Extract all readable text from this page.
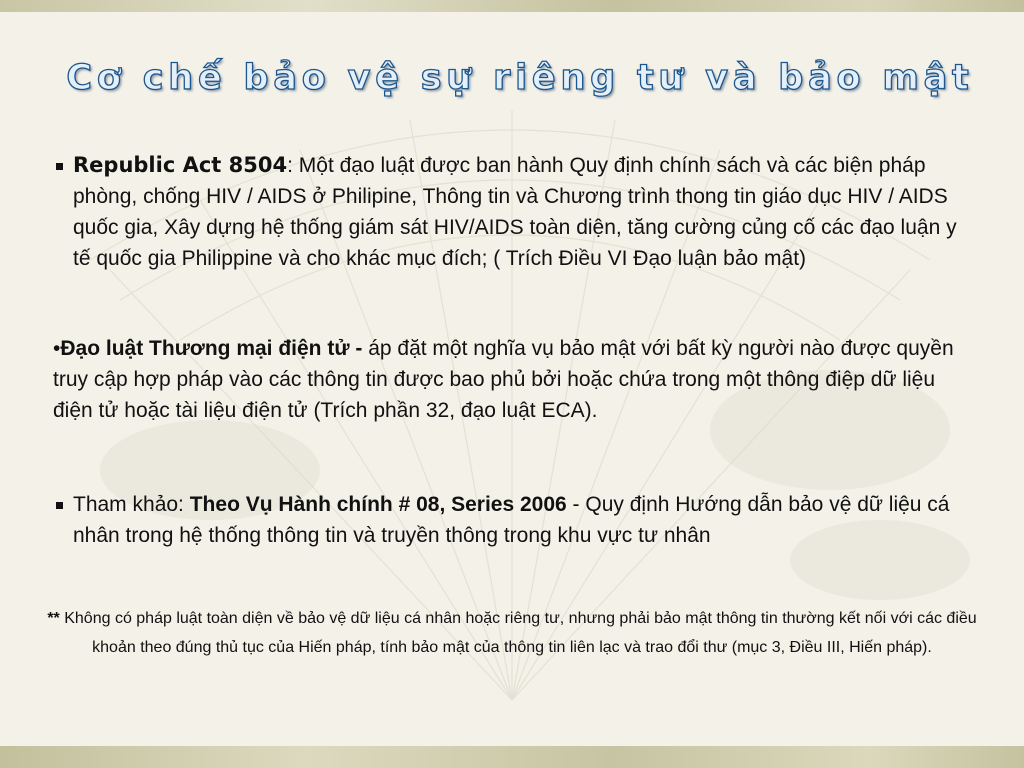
Cơ chế bảo vệ sự riêng tư và bảo mật
Republic Act 8504: Một đạo luật được ban hành Quy định chính sách và các biện pháp phòng, chống HIV / AIDS ở Philipine, Thông tin và Chương trình thong tin giáo dục HIV / AIDS quốc gia, Xây dựng hệ thống giám sát HIV/AIDS toàn diện, tăng cường củng cố các đạo luận y tế quốc gia Philippine và cho khác mục đích; ( Trích Điều VI Đạo luận bảo mật)
•Đạo luật Thương mại điện tử - áp đặt một nghĩa vụ bảo mật với bất kỳ người nào được quyền truy cập hợp pháp vào các thông tin được bao phủ bởi hoặc chứa trong một thông điệp dữ liệu điện tử hoặc tài liệu điện tử (Trích phần 32, đạo luật ECA).
Tham khảo: Theo Vụ Hành chính # 08, Series 2006 - Quy định Hướng dẫn bảo vệ dữ liệu cá nhân trong hệ thống thông tin và truyền thông trong khu vực tư nhân
** Không có pháp luật toàn diện về bảo vệ dữ liệu cá nhân hoặc riêng tư, nhưng phải bảo mật thông tin thường kết nối với các điều khoản theo đúng thủ tục của Hiến pháp, tính bảo mật của thông tin liên lạc và trao đổi thư (mục 3, Điều III, Hiến pháp).
